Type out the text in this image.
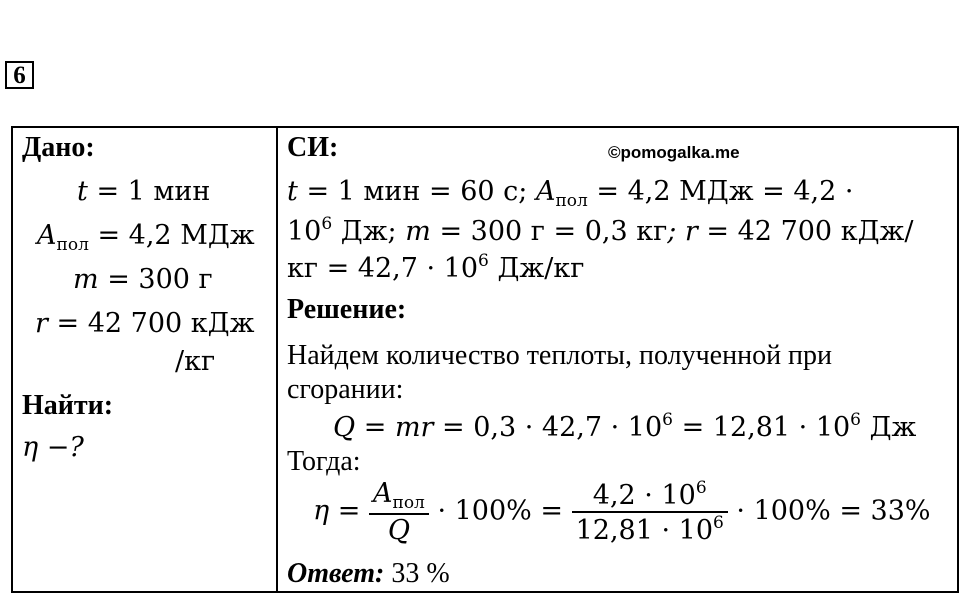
6
Дано:
t = 1 мин
$A_{пол} = 4,2$ МДж
m = 300 г
r = 42 700 кДж
/кг
Найти:
η −?
СИ:	©pomogalka.me
t = 1 мин = 60 с; $A_{пол} = 4,2$ МДж = 4,2 ·
$10^6$ Дж; m = 300 г = 0,3 кг; r = 42 700 кДж/
кг = $42,7 \cdot 10^6$ Дж/кг
Решение:
Найдем количество теплоты, полученной при
сгорании:
Q = mr = $0,3 \cdot 42,7 \cdot 10^6 = 12,81 \cdot 10^6$ Дж
Тогда:
$\eta = \frac{A_{пол}}{Q} \cdot 100\% = \frac{4,2 \cdot 10^6}{12,81 \cdot 10^6} \cdot 100\% = 33\%$
Ответ: 33 %
